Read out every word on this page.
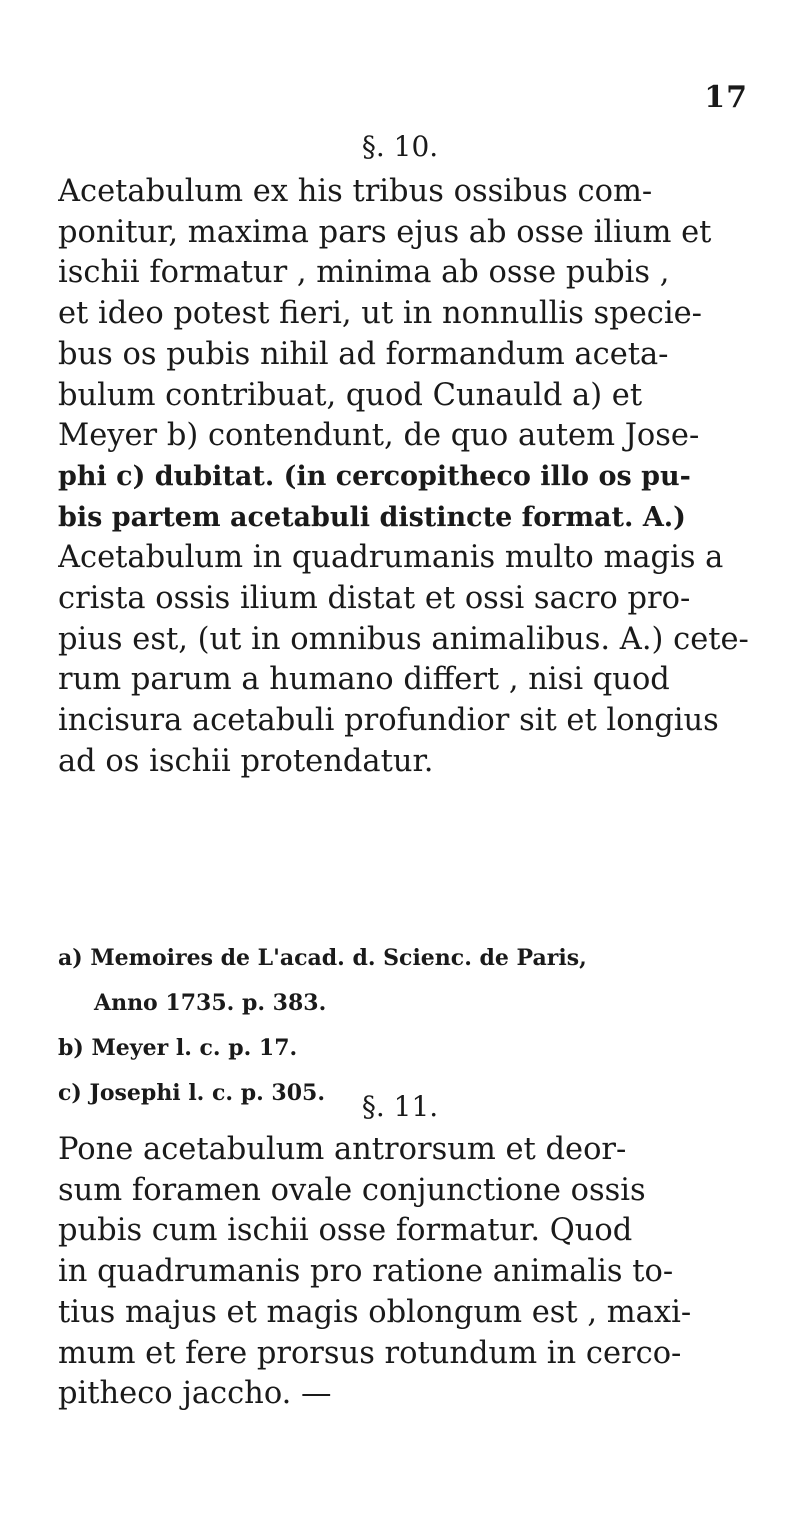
17
§. 10.

Acetabulum ex his tribus ossibus com-
ponitur, maxima pars ejus ab osse ilium et
ischii formatur , minima ab osse pubis ,
et ideo potest fieri, ut in nonnullis specie-
bus os pubis nihil ad formandum aceta-
bulum contribuat, quod Cunauld a) et
Meyer b) contendunt, de quo autem Jose-
phi c) dubitat. (in cercopitheco illo os pu-
bis partem acetabuli distincte format. A.)
Acetabulum in quadrumanis multo magis a
crista ossis ilium distat et ossi sacro pro-
pius est, (ut in omnibus animalibus. A.) cete-
rum parum a humano differt , nisi quod
incisura acetabuli profundior sit et longius
ad os ischii protendatur.

a) Memoires de L'acad. d. Scienc. de Paris,
Anno 1735. p. 383.
b) Meyer l. c. p. 17.
c) Josephi l. c. p. 305.	§. 11.

Pone acetabulum antrorsum et deor-
sum foramen ovale conjunctione ossis
pubis cum ischii osse formatur. Quod
in quadrumanis pro ratione animalis to-
tius majus et magis oblongum est , maxi-
mum et fere prorsus rotundum in cerco-
pitheco jaccho. —
